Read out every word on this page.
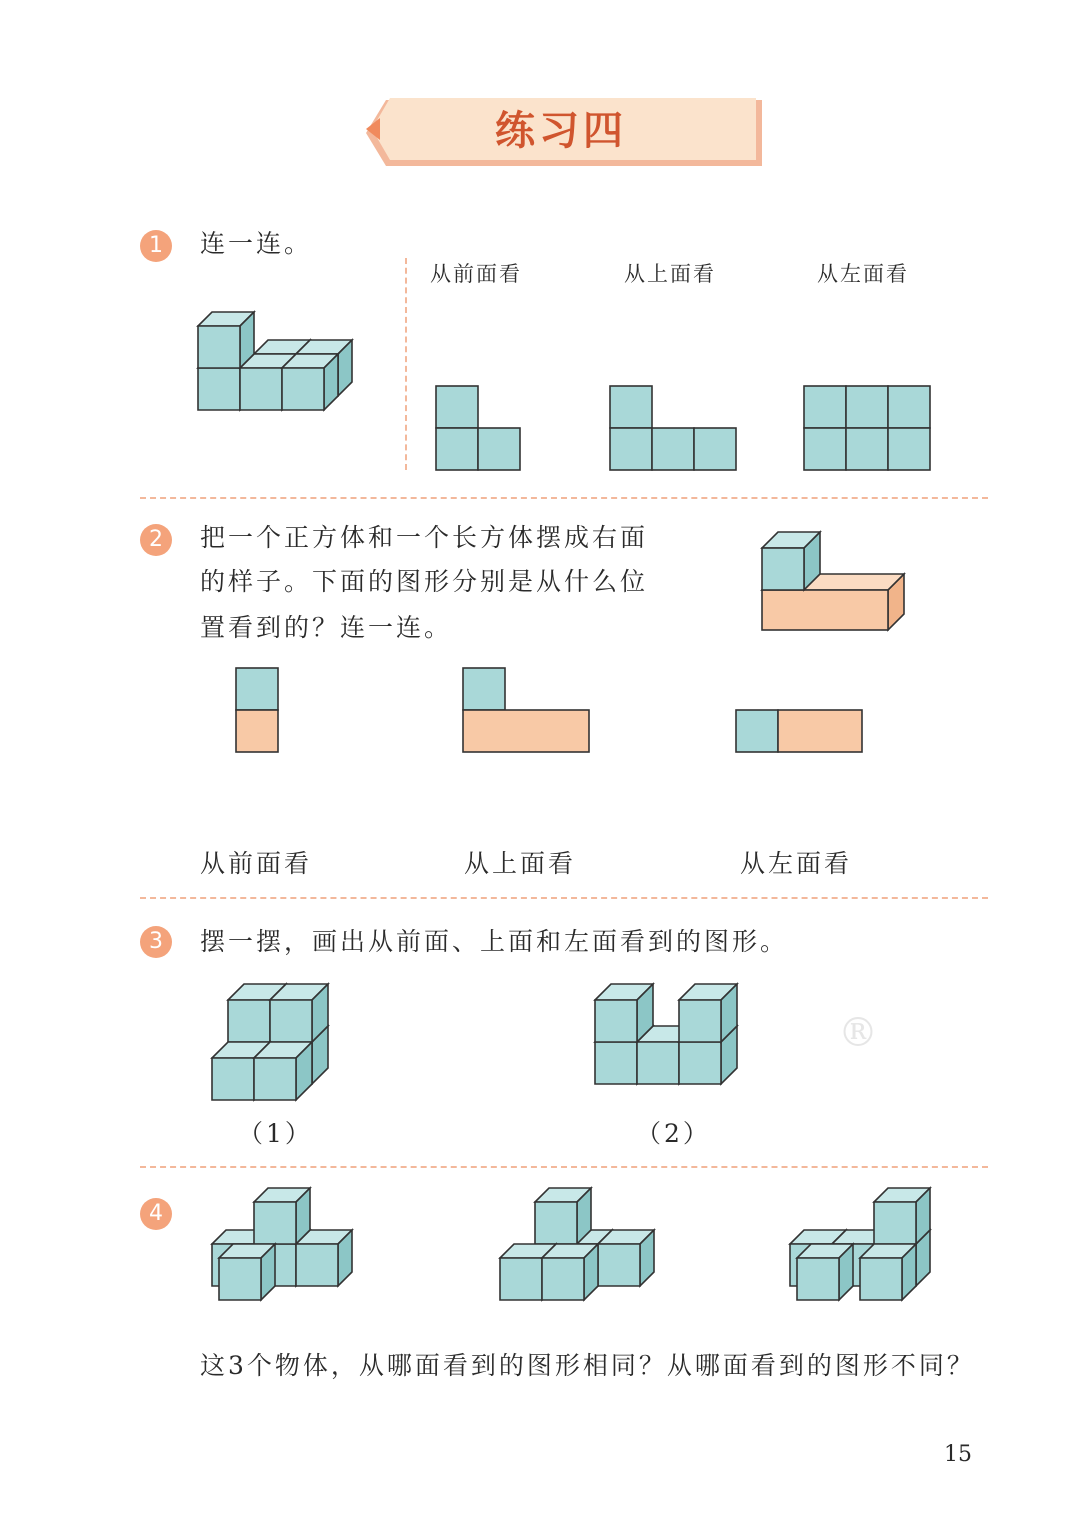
练习四
1	连一连。
从前面看	从上面看	从左面看
2	把一个正方体和一个长方体摆成右面
的样子。下面的图形分别是从什么位
置看到的？连一连。
从前面看	从上面看	从左面看
3	摆一摆，画出从前面、上面和左面看到的图形。
®
（1）	（2）
4
这3个物体，从哪面看到的图形相同？从哪面看到的图形不同？
15
